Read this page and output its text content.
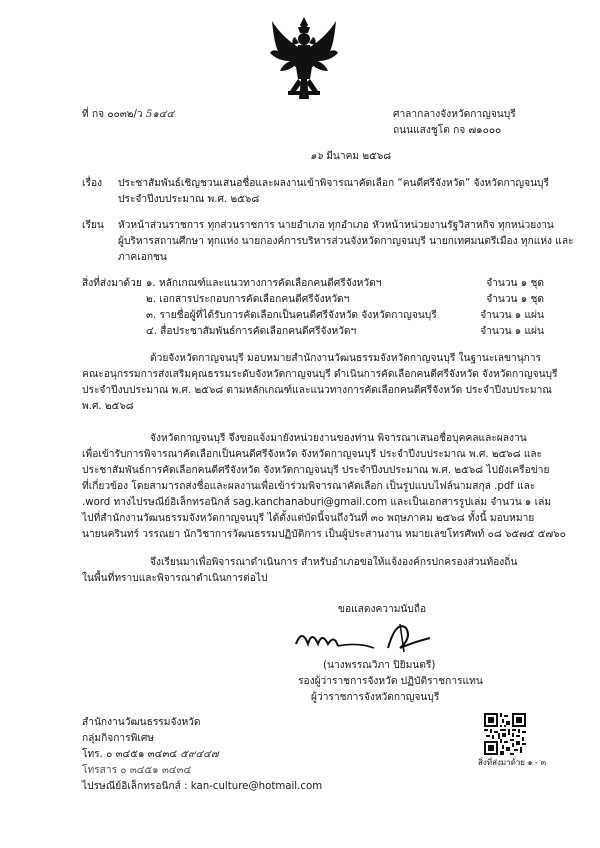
ที่ กจ ๐๐๓๒/ว 5๑๔๔	ศาลากลางจังหวัดกาญจนบุรี
ถนนแสงชูโต กจ ๗๑๐๐๐
๑๖ มีนาคม ๒๕๖๘
เรื่อง ประชาสัมพันธ์เชิญชวนเสนอชื่อและผลงานเข้าพิจารณาคัดเลือก “คนดีศรีจังหวัด” จังหวัดกาญจนบุรี
ประจำปีงบประมาณ พ.ศ. ๒๕๖๘
เรียน หัวหน้าส่วนราชการ ทุกส่วนราชการ นายอำเภอ ทุกอำเภอ หัวหน้าหน่วยงานรัฐวิสาหกิจ ทุกหน่วยงาน
ผู้บริหารสถานศึกษา ทุกแห่ง นายกองค์การบริหารส่วนจังหวัดกาญจนบุรี นายกเทศมนตรีเมือง ทุกแห่ง และ
ภาคเอกชน
สิ่งที่ส่งมาด้วย ๑. หลักเกณฑ์และแนวทางการคัดเลือกคนดีศรีจังหวัดฯ	จำนวน ๑ ชุด
๒. เอกสารประกอบการคัดเลือกคนดีศรีจังหวัดฯ	จำนวน ๑ ชุด
๓. รายชื่อผู้ที่ได้รับการคัดเลือกเป็นคนดีศรีจังหวัด จังหวัดกาญจนบุรี	จำนวน ๑ แผ่น
๔. สื่อประชาสัมพันธ์การคัดเลือกคนดีศรีจังหวัดฯ	จำนวน ๑ แผ่น
ด้วยจังหวัดกาญจนบุรี มอบหมายสำนักงานวัฒนธรรมจังหวัดกาญจนบุรี ในฐานะเลขานุการ
คณะอนุกรรมการส่งเสริมคุณธรรมระดับจังหวัดกาญจนบุรี ดำเนินการคัดเลือกคนดีศรีจังหวัด จังหวัดกาญจนบุรี
ประจำปีงบประมาณ พ.ศ. ๒๕๖๘ ตามหลักเกณฑ์และแนวทางการคัดเลือกคนดีศรีจังหวัด ประจำปีงบประมาณ
พ.ศ. ๒๕๖๘
จังหวัดกาญจนบุรี จึงขอแจ้งมายังหน่วยงานของท่าน พิจารณาเสนอชื่อบุคคลและผลงาน
เพื่อเข้ารับการพิจารณาคัดเลือกเป็นคนดีศรีจังหวัด จังหวัดกาญจนบุรี ประจำปีงบประมาณ พ.ศ. ๒๕๖๘ และ
ประชาสัมพันธ์การคัดเลือกคนดีศรีจังหวัด จังหวัดกาญจนบุรี ประจำปีงบประมาณ พ.ศ. ๒๕๖๘ ไปยังเครือข่าย
ที่เกี่ยวข้อง โดยสามารถส่งชื่อและผลงานเพื่อเข้าร่วมพิจารณาคัดเลือก เป็นรูปแบบไฟล์นามสกุล .pdf และ
.word ทางไปรษณีย์อิเล็กทรอนิกส์ sag.kanchanaburi@gmail.com และเป็นเอกสารรูปเล่ม จำนวน ๑ เล่ม
ไปที่สำนักงานวัฒนธรรมจังหวัดกาญจนบุรี ได้ตั้งแต่บัดนี้จนถึงวันที่ ๓๐ พฤษภาคม ๒๕๖๘ ทั้งนี้ มอบหมาย
นายนครินทร์ วรรณยา นักวิชาการวัฒนธรรมปฏิบัติการ เป็นผู้ประสานงาน หมายเลขโทรศัพท์ ๐๘ ๖๕๗๕ ๕๗๖๐
จึงเรียนมาเพื่อพิจารณาดำเนินการ สำหรับอำเภอขอให้แจ้งองค์กรปกครองส่วนท้องถิ่น
ในพื้นที่ทราบและพิจารณาดำเนินการต่อไป
ขอแสดงความนับถือ
(นางพรรณวิภา ปิยิมนตรี)
รองผู้ว่าราชการจังหวัด ปฏิบัติราชการแทน
ผู้ว่าราชการจังหวัดกาญจนบุรี
สำนักงานวัฒนธรรมจังหวัด
กลุ่มกิจการพิเศษ
โทร. ๐ ๓๔๕๑ ๓๔๓๔ ๕๙๔๔๗
โทรสาร ๐ ๓๔๕๑ ๓๔๓๔
ไปรษณีย์อิเล็กทรอนิกส์ : kan-culture@hotmail.com
สิ่งที่ส่งมาด้วย ๑ - ๓
